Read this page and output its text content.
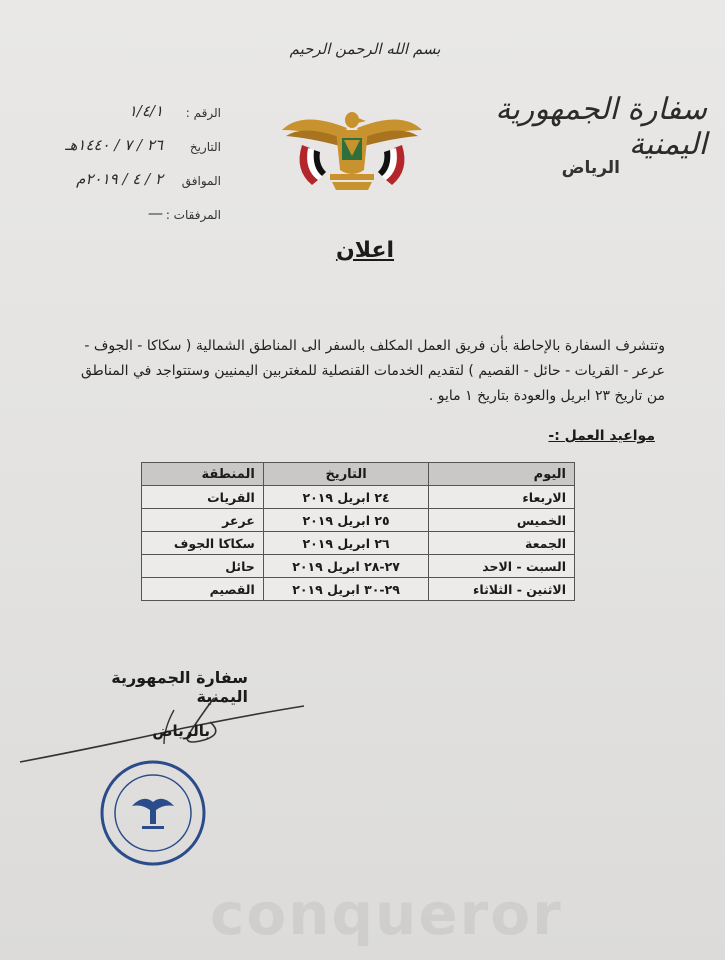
بسم الله الرحمن الرحيم
سفارة الجمهورية اليمنية
الرياض
الرقم :
١/٤/١
التاريخ
٢٦ / ٧ / ١٤٤٠هـ
الموافق
٢ / ٤ / ٢٠١٩م
المرفقات :
—
اعلان

وتتشرف السفارة بالإحاطة بأن فريق العمل المكلف بالسفر الى المناطق الشمالية ( سكاكا - الجوف - عرعر - القريات - حائل - القصيم ) لتقديم الخدمات القنصلية للمغتربين اليمنيين وستتواجد في المناطق من تاريخ ٢٣ ابريل والعودة بتاريخ ١ مايو .

مواعيد العمل :-
اليوم	التاريخ	المنطقة
الاربعاء	٢٤ ابريل ٢٠١٩	القريات
الخميس	٢٥ ابريل ٢٠١٩	عرعر
الجمعة	٢٦ ابريل ٢٠١٩	سكاكا الجوف
السبت - الاحد	٢٧-٢٨ ابريل ٢٠١٩	حائل
الاثنين - الثلاثاء	٢٩-٣٠ ابريل ٢٠١٩	القصيم
سفارة الجمهورية اليمنية
بالرياض
conqueror
